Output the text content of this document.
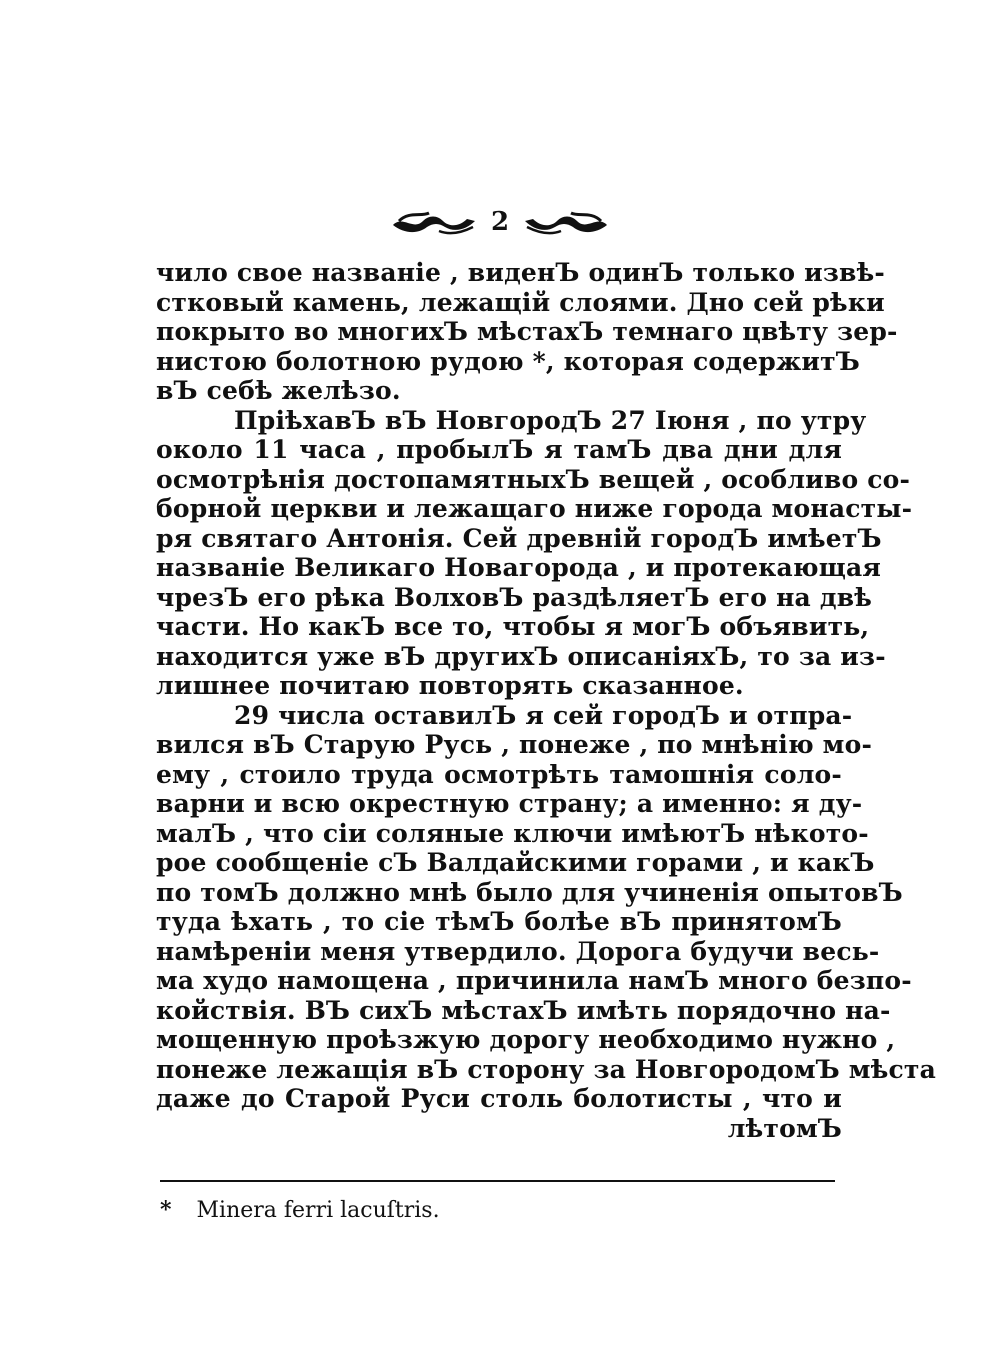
2
чило свое названіе , виденЪ одинЪ только извѣ-
стковый камень, лежащій слоями. Дно сей рѣки
покрыто во многихЪ мѣстахЪ темнаго цвѣту зер-
нистою болотною рудою *, которая содержитЪ
вЪ себѣ желѣзо.
ПріѣхавЪ вЪ НовгородЪ 27 Іюня , по утру
около 11 часа , пробылЪ я тамЪ два дни для
осмотрѣнія достопамятныхЪ вещей , особливо со-
борной церкви и лежащаго ниже города монасты-
ря святаго Антонія. Сей древній городЪ имѣетЪ
названіе Великаго Новагорода , и протекающая
чрезЪ его рѣка ВолховЪ раздѣляетЪ его на двѣ
части. Но какЪ все то, чтобы я могЪ объявить,
находится уже вЪ другихЪ описаніяхЪ, то за из-
лишнее почитаю повторять сказанное.
29 числа оставилЪ я сей городЪ и отпра-
вился вЪ Старую Русь , понеже , по мнѣнію мо-
ему , стоило труда осмотрѣть тамошнія соло-
варни и всю окрестную страну; а именно: я ду-
малЪ , что сіи соляные ключи имѣютЪ нѣкото-
рое сообщеніе сЪ Валдайскими горами , и какЪ
по томЪ должно мнѣ было для учиненія опытовЪ
туда ѣхать , то сіе тѣмЪ болѣе вЪ принятомЪ
намѣреніи меня утвердило. Дорога будучи весь-
ма худо намощена , причинила намЪ много безпо-
койствія. ВЪ сихЪ мѣстахЪ имѣть порядочно на-
мощенную проѣзжую дорогу необходимо нужно ,
понеже лежащія вЪ сторону за НовгородомЪ мѣста
даже до Старой Руси столь болотисты , что и
лѣтомЪ
* Minera ferri lacuſtris.
